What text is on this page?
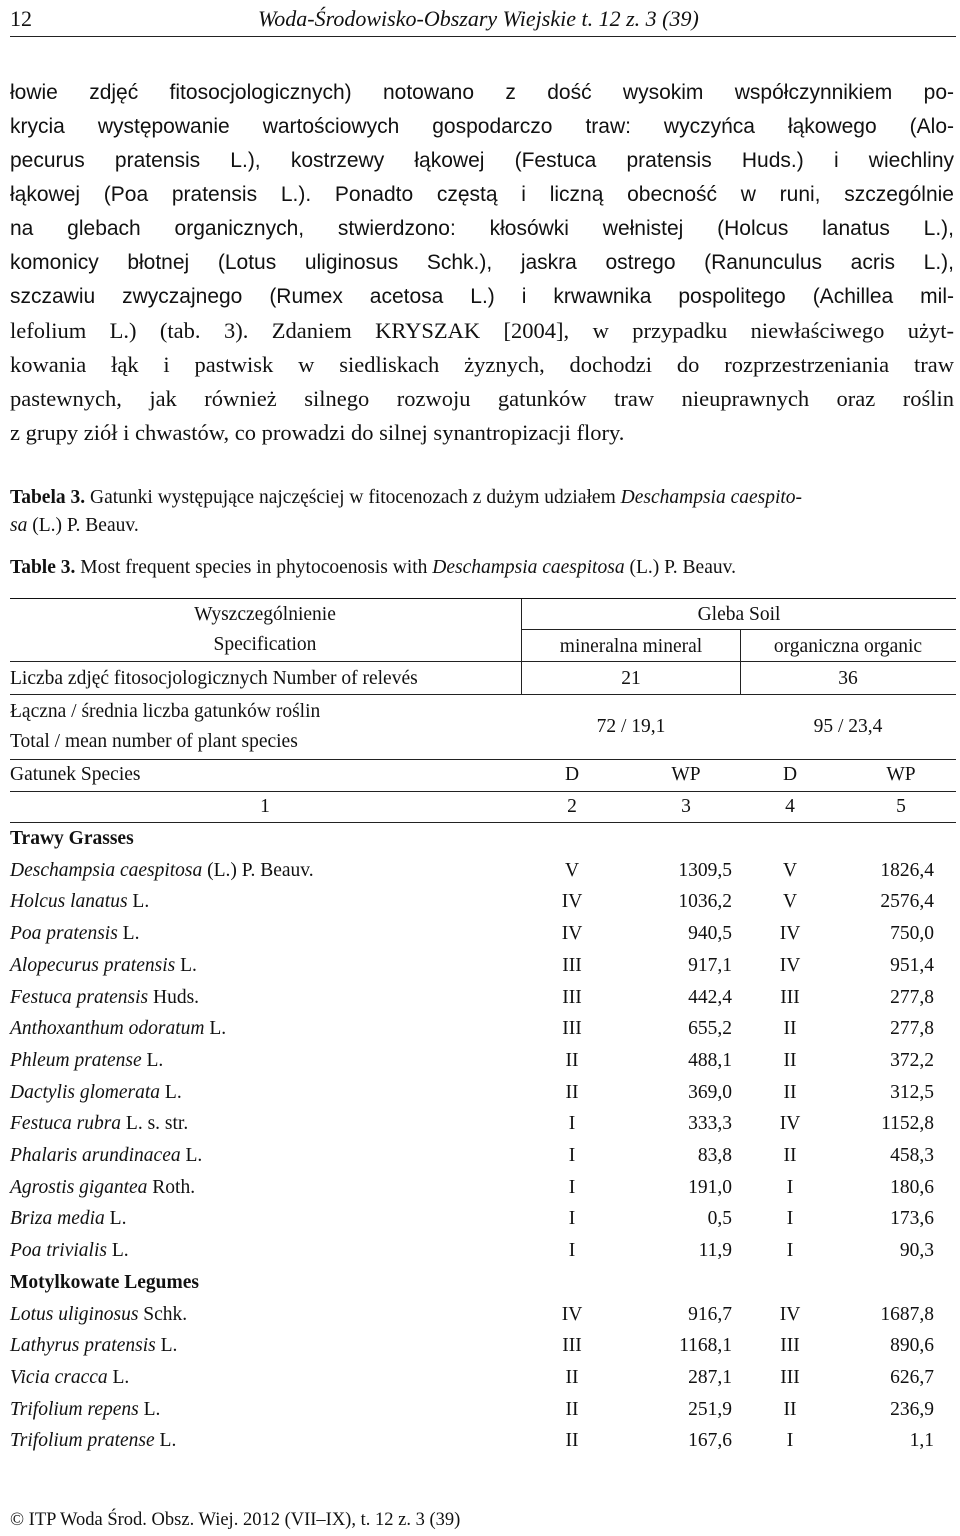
12	Woda-Środowisko-Obszary Wiejskie t. 12 z. 3 (39)
łowie zdjęć fitosocjologicznych) notowano z dość wysokim współczynnikiem po-
krycia występowanie wartościowych gospodarczo traw: wyczyńca łąkowego (Alo-
pecurus pratensis L.), kostrzewy łąkowej (Festuca pratensis Huds.) i wiechliny
łąkowej (Poa pratensis L.). Ponadto częstą i liczną obecność w runi, szczególnie
na glebach organicznych, stwierdzono: kłosówki wełnistej (Holcus lanatus L.),
komonicy błotnej (Lotus uliginosus Schk.), jaskra ostrego (Ranunculus acris L.),
szczawiu zwyczajnego (Rumex acetosa L.) i krwawnika pospolitego (Achillea mil-
lefolium L.) (tab. 3). Zdaniem KRYSZAK [2004], w przypadku niewłaściwego użyt-
kowania łąk i pastwisk w siedliskach żyznych, dochodzi do rozprzestrzeniania traw
pastewnych, jak również silnego rozwoju gatunków traw nieuprawnych oraz roślin
z grupy ziół i chwastów, co prowadzi do silnej synantropizacji flory.
Tabela 3. Gatunki występujące najczęściej w fitocenozach z dużym udziałem Deschampsia caespito-
sa (L.) P. Beauv.
Table 3. Most frequent species in phytocoenosis with Deschampsia caespitosa (L.) P. Beauv.
Wyszczególnienie
Specification
Gleba Soil
mineralna mineral	organiczna organic
Liczba zdjęć fitosocjologicznych Number of relevés	21	36
Łączna / średnia liczba gatunków roślin
Total / mean number of plant species
72 / 19,1	95 / 23,4
Gatunek Species	D	WP	D	WP
1	2	3	4	5
Trawy Grasses
Deschampsia caespitosa (L.) P. Beauv.	V	1309,5	V	1826,4
Holcus lanatus L.	IV	1036,2	V	2576,4
Poa pratensis L.	IV	940,5	IV	750,0
Alopecurus pratensis L.	III	917,1	IV	951,4
Festuca pratensis Huds.	III	442,4	III	277,8
Anthoxanthum odoratum L.	III	655,2	II	277,8
Phleum pratense L.	II	488,1	II	372,2
Dactylis glomerata L.	II	369,0	II	312,5
Festuca rubra L. s. str.	I	333,3	IV	1152,8
Phalaris arundinacea L.	I	83,8	II	458,3
Agrostis gigantea Roth.	I	191,0	I	180,6
Briza media L.	I	0,5	I	173,6
Poa trivialis L.	I	11,9	I	90,3
Motylkowate Legumes
Lotus uliginosus Schk.	IV	916,7	IV	1687,8
Lathyrus pratensis L.	III	1168,1	III	890,6
Vicia cracca L.	II	287,1	III	626,7
Trifolium repens L.	II	251,9	II	236,9
Trifolium pratense L.	II	167,6	I	1,1
© ITP Woda Środ. Obsz. Wiej. 2012 (VII–IX), t. 12 z. 3 (39)
